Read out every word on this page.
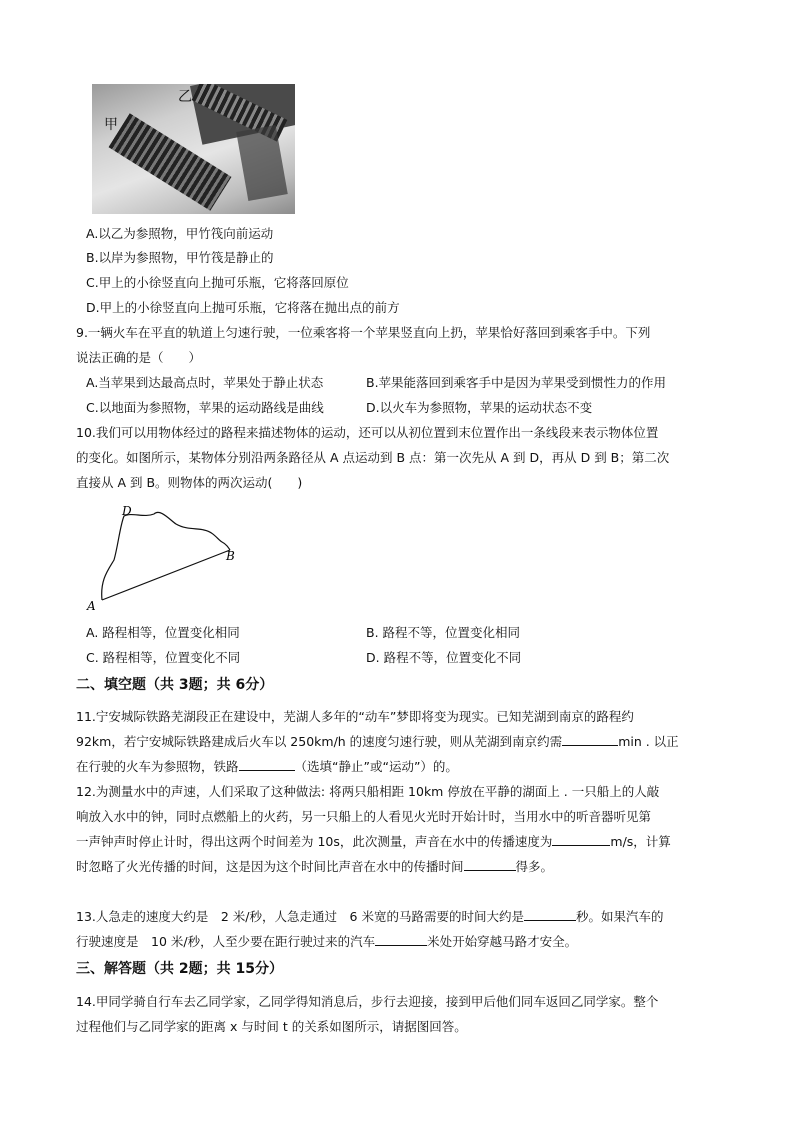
甲
乙
A.以乙为参照物，甲竹筏向前运动
B.以岸为参照物，甲竹筏是静止的
C.甲上的小徐竖直向上抛可乐瓶，它将落回原位
D.甲上的小徐竖直向上抛可乐瓶，它将落在抛出点的前方
9.一辆火车在平直的轨道上匀速行驶，一位乘客将一个苹果竖直向上扔，苹果恰好落回到乘客手中。下列
说法正确的是（　　）
A.当苹果到达最高点时，苹果处于静止状态	B.苹果能落回到乘客手中是因为苹果受到惯性力的作用
C.以地面为参照物，苹果的运动路线是曲线	D.以火车为参照物，苹果的运动状态不变
10.我们可以用物体经过的路程来描述物体的运动，还可以从初位置到末位置作出一条线段来表示物体位置
的变化。如图所示，某物体分别沿两条路径从 A 点运动到 B 点：第一次先从 A 到 D，再从 D 到 B；第二次
直接从 A 到 B。则物体的两次运动(　　)
A
B
D
A. 路程相等，位置变化相同	B. 路程不等，位置变化相同
C. 路程相等，位置变化不同	D. 路程不等，位置变化不同
二、填空题（共 3题；共 6分）
11.宁安城际铁路芜湖段正在建设中，芜湖人多年的“动车”梦即将变为现实。已知芜湖到南京的路程约
92km，若宁安城际铁路建成后火车以 250km/h 的速度匀速行驶，则从芜湖到南京约需	min . 以正
在行驶的火车为参照物，铁路	（选填“静止”或“运动”）的。
12.为测量水中的声速，人们采取了这种做法: 将两只船相距 10km 停放在平静的湖面上 . 一只船上的人敲
响放入水中的钟，同时点燃船上的火药，另一只船上的人看见火光时开始计时，当用水中的听音器听见第
一声钟声时停止计时，得出这两个时间差为 10s，此次测量，声音在水中的传播速度为	m/s，计算
时忽略了火光传播的时间，这是因为这个时间比声音在水中的传播时间	得多。
13.人急走的速度大约是　2 米/秒，人急走通过　6 米宽的马路需要的时间大约是	秒。如果汽车的
行驶速度是　10 米/秒，人至少要在距行驶过来的汽车	米处开始穿越马路才安全。
三、解答题（共 2题；共 15分）
14.甲同学骑自行车去乙同学家，乙同学得知消息后，步行去迎接，接到甲后他们同车返回乙同学家。整个
过程他们与乙同学家的距离 x 与时间 t 的关系如图所示，请据图回答。
